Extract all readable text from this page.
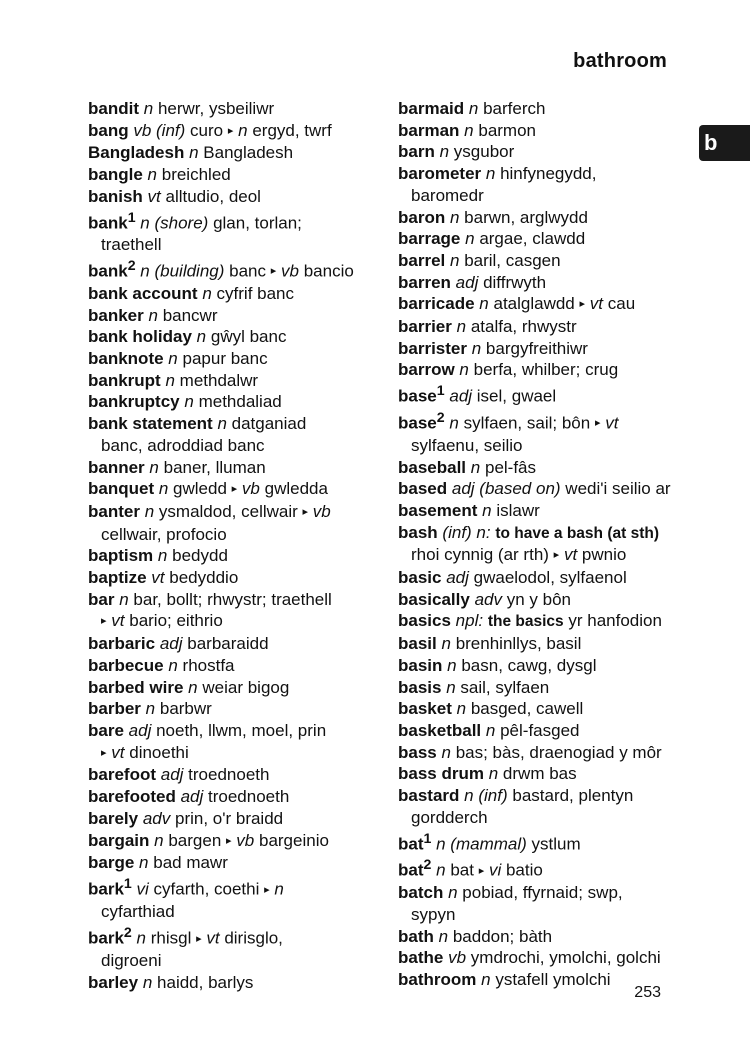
bathroom
b
bandit n herwr, ysbeiliwr
bang vb (inf) curo ▸ n ergyd, twrf
Bangladesh n Bangladesh
bangle n breichled
banish vt alltudio, deol
bank$^1$ n (shore) glan, torlan;
traethell
bank$^2$ n (building) banc ▸ vb bancio
bank account n cyfrif banc
banker n bancwr
bank holiday n gŵyl banc
banknote n papur banc
bankrupt n methdalwr
bankruptcy n methdaliad
bank statement n datganiad
banc, adroddiad banc
banner n baner, lluman
banquet n gwledd ▸ vb gwledda
banter n ysmaldod, cellwair ▸ vb
cellwair, profocio
baptism n bedydd
baptize vt bedyddio
bar n bar, bollt; rhwystr; traethell
▸ vt bario; eithrio
barbaric adj barbaraidd
barbecue n rhostfa
barbed wire n weiar bigog
barber n barbwr
bare adj noeth, llwm, moel, prin
▸ vt dinoethi
barefoot adj troednoeth
barefooted adj troednoeth
barely adv prin, o'r braidd
bargain n bargen ▸ vb bargeinio
barge n bad mawr
bark$^1$ vi cyfarth, coethi ▸ n
cyfarthiad
bark$^2$ n rhisgl ▸ vt dirisglo,
digroeni
barley n haidd, barlys
barmaid n barferch
barman n barmon
barn n ysgubor
barometer n hinfynegydd,
baromedr
baron n barwn, arglwydd
barrage n argae, clawdd
barrel n baril, casgen
barren adj diffrwyth
barricade n atalglawdd ▸ vt cau
barrier n atalfa, rhwystr
barrister n bargyfreithiwr
barrow n berfa, whilber; crug
base$^1$ adj isel, gwael
base$^2$ n sylfaen, sail; bôn ▸ vt
sylfaenu, seilio
baseball n pel-fâs
based adj (based on) wedi'i seilio ar
basement n islawr
bash (inf) n: to have a bash (at sth)
rhoi cynnig (ar rth) ▸ vt pwnio
basic adj gwaelodol, sylfaenol
basically adv yn y bôn
basics npl: the basics yr hanfodion
basil n brenhinllys, basil
basin n basn, cawg, dysgl
basis n sail, sylfaen
basket n basged, cawell
basketball n pêl-fasged
bass n bas; bàs, draenogiad y môr
bass drum n drwm bas
bastard n (inf) bastard, plentyn
gordderch
bat$^1$ n (mammal) ystlum
bat$^2$ n bat ▸ vi batio
batch n pobiad, ffyrnaid; swp,
sypyn
bath n baddon; bàth
bathe vb ymdrochi, ymolchi, golchi
bathroom n ystafell ymolchi
253
